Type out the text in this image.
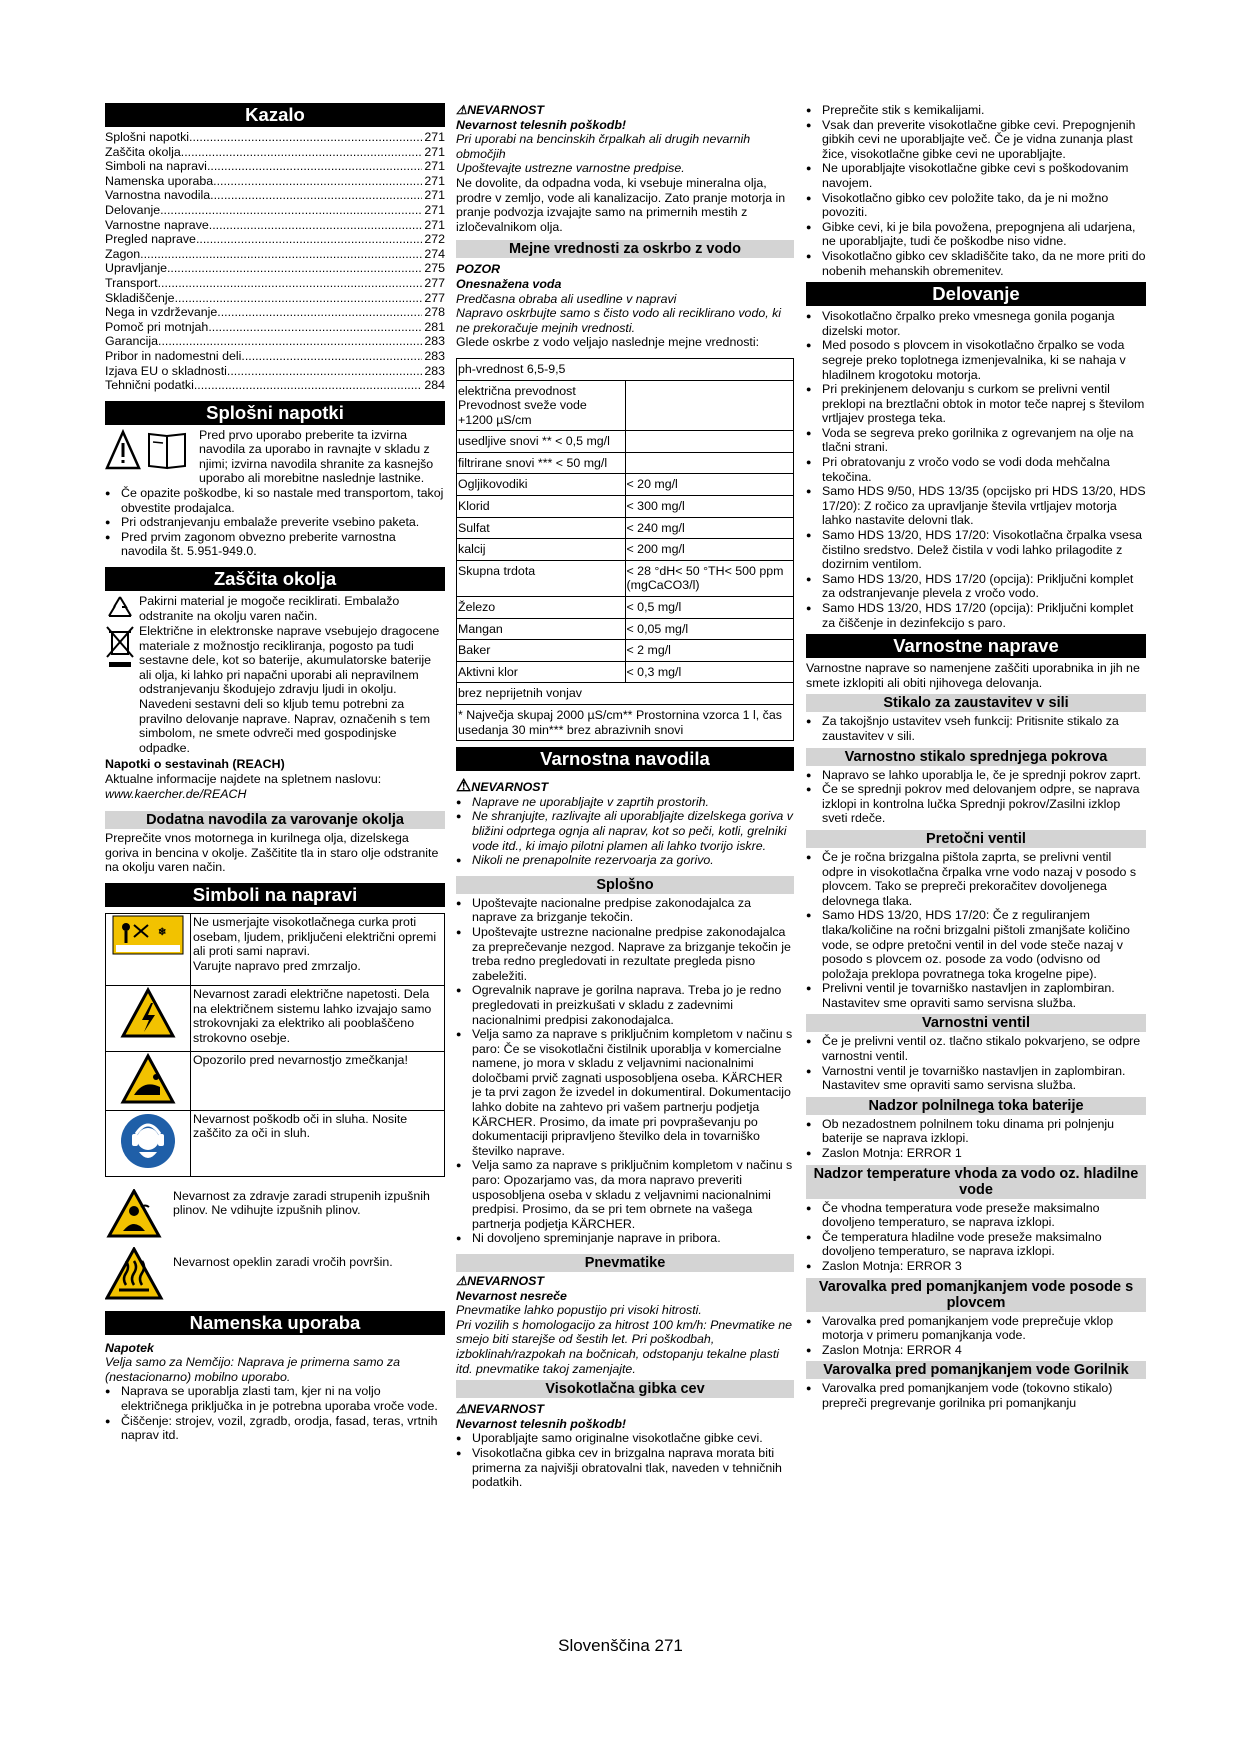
Kazalo
Splošni napotki .....	271
Zaščita okolja .....	271
Simboli na napravi .....	271
Namenska uporaba .....	271
Varnostna navodila .....	271
Delovanje .....	271
Varnostne naprave .....	271
Pregled naprave .....	272
Zagon .....	274
Upravljanje .....	275
Transport .....	277
Skladiščenje .....	277
Nega in vzdrževanje .....	278
Pomoč pri motnjah .....	281
Garancija .....	283
Pribor in nadomestni deli .....	283
Izjava EU o skladnosti .....	283
Tehnični podatki .....	284
Splošni napotki

Pred prvo uporabo preberite ta izvirna navodila za uporabo in ravnajte v skladu z njimi; izvirna navodila shranite za kasnejšo uporabo ali morebitne naslednje lastnike.

● Če opazite poškodbe, ki so nastale med transportom, takoj obvestite prodajalca.
● Pri odstranjevanju embalaže preverite vsebino paketa.
● Pred prvim zagonom obvezno preberite varnostna navodila št. 5.951-949.0.
Zaščita okolja

Pakirni material je mogoče reciklirati. Embalažo odstranite na okolju varen način.

Električne in elektronske naprave vsebujejo dragocene materiale z možnostjo recikliranja, pogosto pa tudi sestavne dele, kot so baterije, akumulatorske baterije ali olja, ki lahko pri napačni uporabi ali nepravilnem odstranjevanju škodujejo zdravju ljudi in okolju. Navedeni sestavni deli so kljub temu potrebni za pravilno delovanje naprave. Naprav, označenih s tem simbolom, ne smete odvreči med gospodinjske odpadke.

Napotki o sestavinah (REACH)

Aktualne informacije najdete na spletnem naslovu:

www.kaercher.de/REACH

Dodatna navodila za varovanje okolja

Preprečite vnos motornega in kurilnega olja, dizelskega goriva in bencina v okolje. Zaščitite tla in staro olje odstranite na okolju varen način.

Simboli na napravi
❄	Ne usmerjajte visokotlačnega curka proti osebam, ljudem, priključeni električni opremi ali proti sami napravi.

Varujte napravo pred zmrzaljo.

Nevarnost zaradi električne napetosti. Dela na električnem sistemu lahko izvajajo samo strokovnjaki za elektriko ali pooblaščeno strokovno osebje.

Opozorilo pred nevarnostjo zmečkanja!

Nevarnost poškodb oči in sluha. Nosite zaščito za oči in sluh.

Nevarnost za zdravje zaradi strupenih izpušnih plinov. Ne vdihujte izpušnih plinov.

Nevarnost opeklin zaradi vročih površin.

Namenska uporaba

Napotek

Velja samo za Nemčijo: Naprava je primerna samo za (nestacionarno) mobilno uporabo.

● Naprava se uporablja zlasti tam, kjer ni na voljo električnega priključka in je potrebna uporaba vroče vode.
● Čiščenje: strojev, vozil, zgradb, orodja, fasad, teras, vrtnih naprav itd.

⚠NEVARNOST

Nevarnost telesnih poškodb!

Pri uporabi na bencinskih črpalkah ali drugih nevarnih območjih

Upoštevajte ustrezne varnostne predpise.

Ne dovolite, da odpadna voda, ki vsebuje mineralna olja, prodre v zemljo, vode ali kanalizacijo. Zato pranje motorja in pranje podvozja izvajajte samo na primernih mestih z izločevalnikom olja.

Mejne vrednosti za oskrbo z vodo

POZOR

Onesnažena voda

Predčasna obraba ali usedline v napravi

Napravo oskrbujte samo s čisto vodo ali reciklirano vodo, ki ne prekoračuje mejnih vrednosti.

Glede oskrbe z vodo veljajo naslednje mejne vrednosti:

ph-vrednost 6,5-9,5	
električna prevodnost Prevodnost sveže vode +1200 µS/cm	
usedljive snovi ** < 0,5 mg/l	
filtrirane snovi *** < 50 mg/l	
Ogljikovodiki	< 20 mg/l
Klorid	< 300 mg/l
Sulfat	< 240 mg/l
kalcij	< 200 mg/l
Skupna trdota	< 28 °dH< 50 °TH< 500 ppm (mgCaCO3/l)
Železo	< 0,5 mg/l
Mangan	< 0,05 mg/l
Baker	< 2 mg/l
Aktivni klor	< 0,3 mg/l
brez neprijetnih vonjav	
* Največja skupaj 2000 µS/cm** Prostornina vzorca 1 l, čas usedanja 30 min*** brez abrazivnih snovi	
Varnostna navodila

⚠NEVARNOST

● Naprave ne uporabljajte v zaprtih prostorih.
● Ne shranjujte, razlivajte ali uporabljajte dizelskega goriva v bližini odprtega ognja ali naprav, kot so peči, kotli, grelniki vode itd., ki imajo pilotni plamen ali lahko tvorijo iskre.
● Nikoli ne prenapolnite rezervoarja za gorivo.
Splošno
● Upoštevajte nacionalne predpise zakonodajalca za naprave za brizganje tekočin.
● Upoštevajte ustrezne nacionalne predpise zakonodajalca za preprečevanje nezgod. Naprave za brizganje tekočin je treba redno pregledovati in rezultate pregleda pisno zabeležiti.
● Ogrevalnik naprave je gorilna naprava. Treba jo je redno pregledovati in preizkušati v skladu z zadevnimi nacionalnimi predpisi zakonodajalca.
● Velja samo za naprave s priključnim kompletom v načinu s paro: Če se visokotlačni čistilnik uporablja v komercialne namene, jo mora v skladu z veljavnimi nacionalnimi določbami prvič zagnati usposobljena oseba. KÄRCHER je ta prvi zagon že izvedel in dokumentiral. Dokumentacijo lahko dobite na zahtevo pri vašem partnerju podjetja KÄRCHER. Prosimo, da imate pri povpraševanju po dokumentaciji pripravljeno številko dela in tovarniško številko naprave.
● Velja samo za naprave s priključnim kompletom v načinu s paro: Opozarjamo vas, da mora napravo preveriti usposobljena oseba v skladu z veljavnimi nacionalnimi predpisi. Prosimo, da se pri tem obrnete na vašega partnerja podjetja KÄRCHER.
● Ni dovoljeno spreminjanje naprave in pribora.
Pnevmatike

⚠NEVARNOST

Nevarnost nesreče

Pnevmatike lahko popustijo pri visoki hitrosti.

Pri vozilih s homologacijo za hitrost 100 km/h: Pnevmatike ne smejo biti starejše od šestih let. Pri poškodbah, izboklinah/razpokah na bočnicah, odstopanju tekalne plasti itd. pnevmatike takoj zamenjajte.

Visokotlačna gibka cev

⚠NEVARNOST

Nevarnost telesnih poškodb!

● Uporabljajte samo originalne visokotlačne gibke cevi.
● Visokotlačna gibka cev in brizgalna naprava morata biti primerna za najvišji obratovalni tlak, naveden v tehničnih podatkih.
● Preprečite stik s kemikalijami.
● Vsak dan preverite visokotlačne gibke cevi. Prepognjenih gibkih cevi ne uporabljajte več. Če je vidna zunanja plast žice, visokotlačne gibke cevi ne uporabljajte.
● Ne uporabljajte visokotlačne gibke cevi s poškodovanim navojem.
● Visokotlačno gibko cev položite tako, da je ni možno povoziti.
● Gibke cevi, ki je bila povožena, prepognjena ali udarjena, ne uporabljajte, tudi če poškodbe niso vidne.
● Visokotlačno gibko cev skladiščite tako, da ne more priti do nobenih mehanskih obremenitev.
Delovanje
● Visokotlačno črpalko preko vmesnega gonila poganja dizelski motor.
● Med posodo s plovcem in visokotlačno črpalko se voda segreje preko toplotnega izmenjevalnika, ki se nahaja v hladilnem krogotoku motorja.
● Pri prekinjenem delovanju s curkom se prelivni ventil preklopi na breztlačni obtok in motor teče naprej s številom vrtljajev prostega teka.
● Voda se segreva preko gorilnika z ogrevanjem na olje na tlačni strani.
● Pri obratovanju z vročo vodo se vodi doda mehčalna tekočina.
● Samo HDS 9/50, HDS 13/35 (opcijsko pri HDS 13/20, HDS 17/20): Z ročico za upravljanje števila vrtljajev motorja lahko nastavite delovni tlak.
● Samo HDS 13/20, HDS 17/20: Visokotlačna črpalka vsesa čistilno sredstvo. Delež čistila v vodi lahko prilagodite z dozirnim ventilom.
● Samo HDS 13/20, HDS 17/20 (opcija): Priključni komplet za odstranjevanje plevela z vročo vodo.
● Samo HDS 13/20, HDS 17/20 (opcija): Priključni komplet za čiščenje in dezinfekcijo s paro.
Varnostne naprave

Varnostne naprave so namenjene zaščiti uporabnika in jih ne smete izklopiti ali obiti njihovega delovanja.

Stikalo za zaustavitev v sili
● Za takojšnjo ustavitev vseh funkcij: Pritisnite stikalo za zaustavitev v sili.
Varnostno stikalo sprednjega pokrova
● Napravo se lahko uporablja le, če je sprednji pokrov zaprt.
● Če se sprednji pokrov med delovanjem odpre, se naprava izklopi in kontrolna lučka Sprednji pokrov/Zasilni izklop sveti rdeče.
Pretočni ventil
● Če je ročna brizgalna pištola zaprta, se prelivni ventil odpre in visokotlačna črpalka vrne vodo nazaj v posodo s plovcem. Tako se prepreči prekoračitev dovoljenega delovnega tlaka.
● Samo HDS 13/20, HDS 17/20: Če z reguliranjem tlaka/količine na ročni brizgalni pištoli zmanjšate količino vode, se odpre pretočni ventil in del vode steče nazaj v posodo s plovcem oz. posode za vodo (odvisno od položaja preklopa povratnega toka krogelne pipe).
● Prelivni ventil je tovarniško nastavljen in zaplombiran. Nastavitev sme opraviti samo servisna služba.
Varnostni ventil
● Če je prelivni ventil oz. tlačno stikalo pokvarjeno, se odpre varnostni ventil.
● Varnostni ventil je tovarniško nastavljen in zaplombiran. Nastavitev sme opraviti samo servisna služba.
Nadzor polnilnega toka baterije
● Ob nezadostnem polnilnem toku dinama pri polnjenju baterije se naprava izklopi.
● Zaslon Motnja: ERROR 1
Nadzor temperature vhoda za vodo oz. hladilne vode
● Če vhodna temperatura vode preseže maksimalno dovoljeno temperaturo, se naprava izklopi.
● Če temperatura hladilne vode preseže maksimalno dovoljeno temperaturo, se naprava izklopi.
● Zaslon Motnja: ERROR 3
Varovalka pred pomanjkanjem vode posode s plovcem
● Varovalka pred pomanjkanjem vode preprečuje vklop motorja v primeru pomanjkanja vode.
● Zaslon Motnja: ERROR 4
Varovalka pred pomanjkanjem vode Gorilnik
● Varovalka pred pomanjkanjem vode (tokovno stikalo) prepreči pregrevanje gorilnika pri pomanjkanju
Slovenščina 271
